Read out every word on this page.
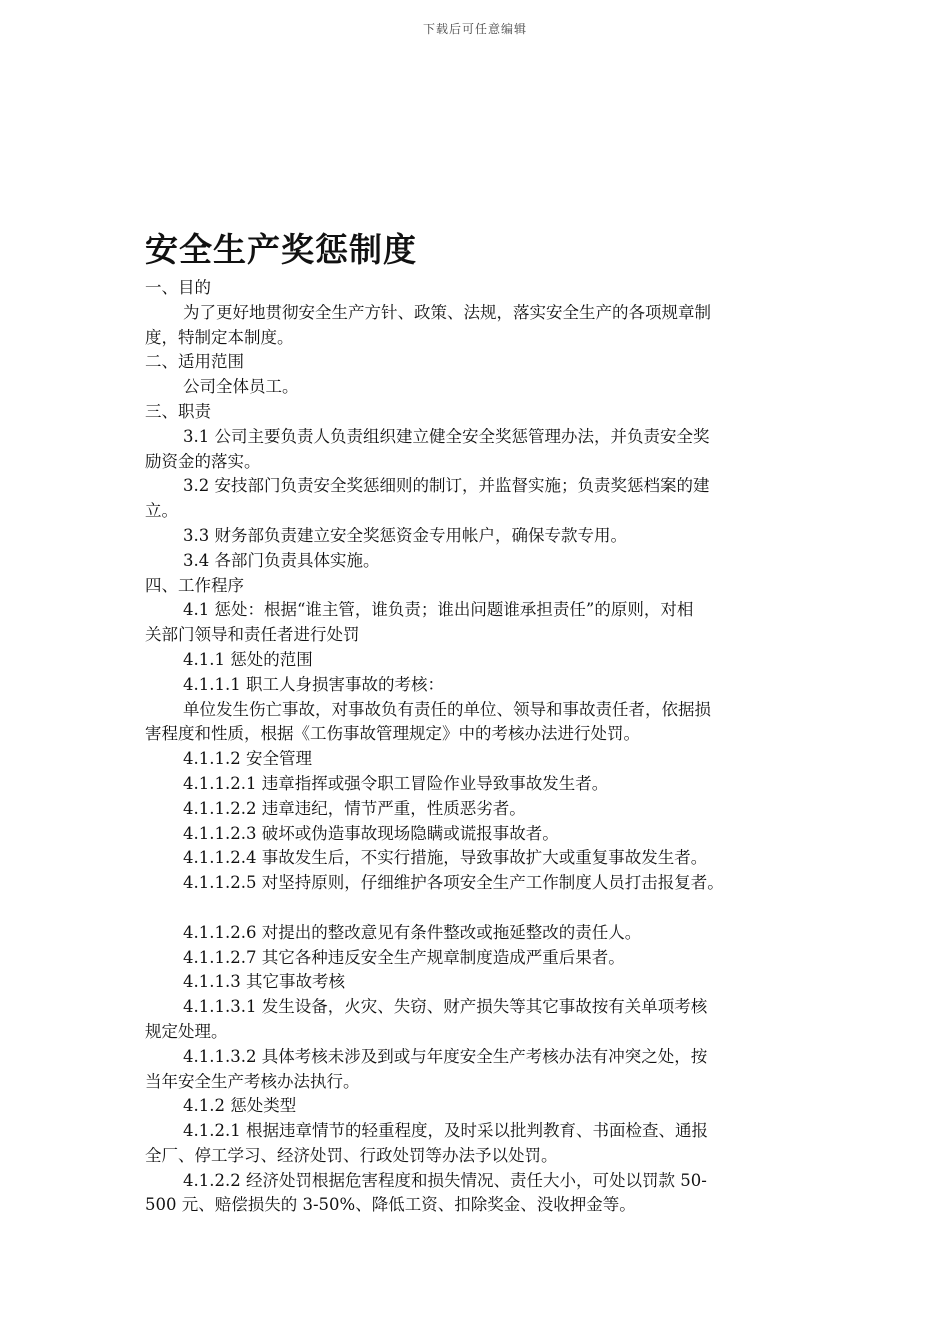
下载后可任意编辑
安全生产奖惩制度
一、目的
为了更好地贯彻安全生产方针、政策、法规，落实安全生产的各项规章制
度，特制定本制度。
二、适用范围
公司全体员工。
三、职责
3.1 公司主要负责人负责组织建立健全安全奖惩管理办法，并负责安全奖
励资金的落实。
3.2 安技部门负责安全奖惩细则的制订，并监督实施；负责奖惩档案的建
立。
3.3 财务部负责建立安全奖惩资金专用帐户，确保专款专用。
3.4 各部门负责具体实施。
四、工作程序
4.1 惩处：根据“谁主管，谁负责；谁出问题谁承担责任”的原则，对相
关部门领导和责任者进行处罚
4.1.1 惩处的范围
4.1.1.1 职工人身损害事故的考核：
单位发生伤亡事故，对事故负有责任的单位、领导和事故责任者，依据损
害程度和性质，根据《工伤事故管理规定》中的考核办法进行处罚。
4.1.1.2 安全管理
4.1.1.2.1 违章指挥或强令职工冒险作业导致事故发生者。
4.1.1.2.2 违章违纪，情节严重，性质恶劣者。
4.1.1.2.3 破坏或伪造事故现场隐瞒或谎报事故者。
4.1.1.2.4 事故发生后，不实行措施，导致事故扩大或重复事故发生者。
4.1.1.2.5 对坚持原则，仔细维护各项安全生产工作制度人员打击报复者。
4.1.1.2.6 对提出的整改意见有条件整改或拖延整改的责任人。
4.1.1.2.7 其它各种违反安全生产规章制度造成严重后果者。
4.1.1.3 其它事故考核
4.1.1.3.1 发生设备，火灾、失窃、财产损失等其它事故按有关单项考核
规定处理。
4.1.1.3.2 具体考核未涉及到或与年度安全生产考核办法有冲突之处，按
当年安全生产考核办法执行。
4.1.2 惩处类型
4.1.2.1 根据违章情节的轻重程度，及时采以批判教育、书面检查、通报
全厂、停工学习、经济处罚、行政处罚等办法予以处罚。
4.1.2.2 经济处罚根据危害程度和损失情况、责任大小，可处以罚款 50-
500 元、赔偿损失的 3-50%、降低工资、扣除奖金、没收押金等。
